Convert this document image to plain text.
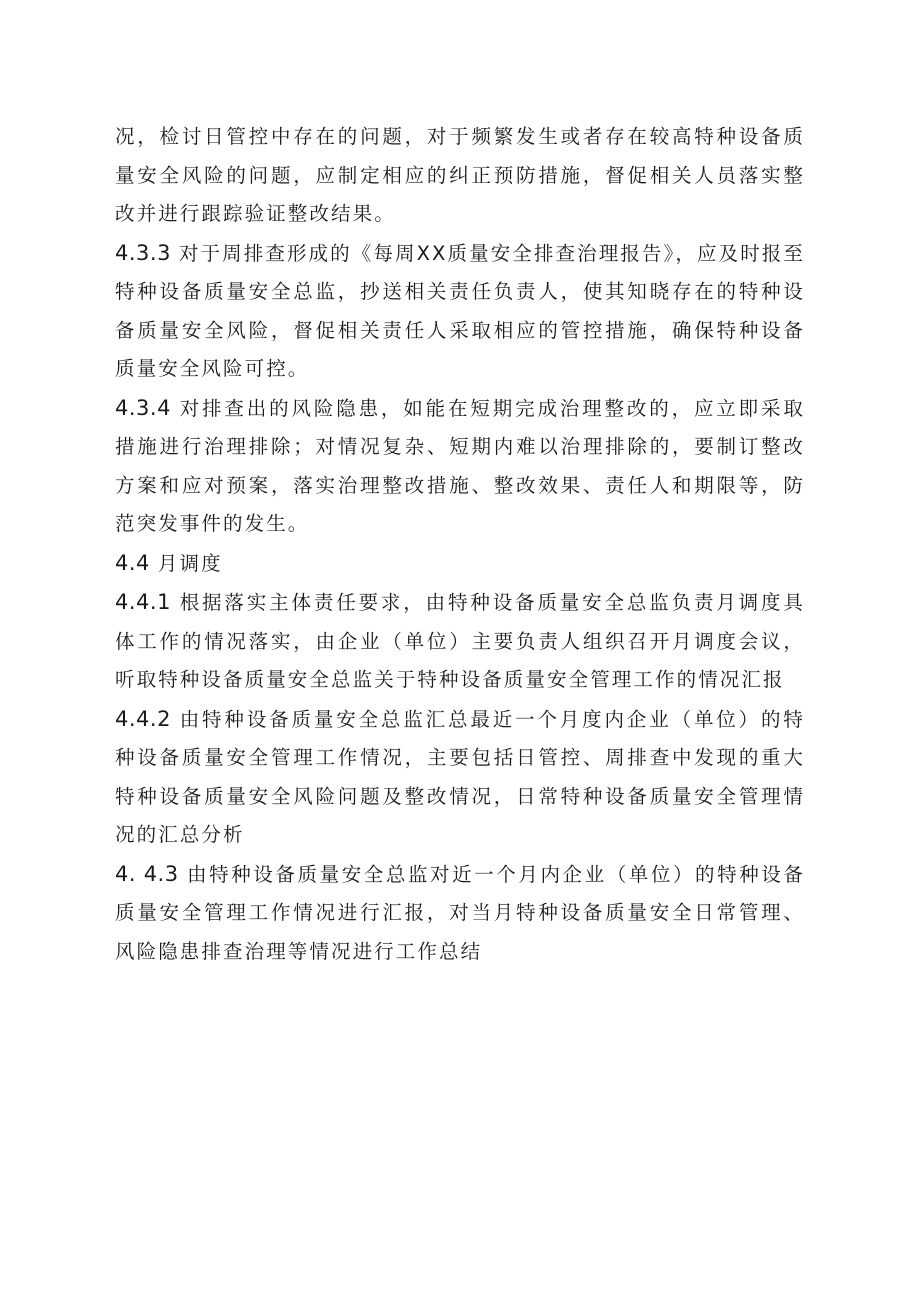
况，检讨日管控中存在的问题，对于频繁发生或者存在较高特种设备质量安全风险的问题，应制定相应的纠正预防措施，督促相关人员落实整改并进行跟踪验证整改结果。

4.3.3 对于周排查形成的《每周XX质量安全排查治理报告》，应及时报至特种设备质量安全总监，抄送相关责任负责人，使其知晓存在的特种设备质量安全风险，督促相关责任人采取相应的管控措施，确保特种设备质量安全风险可控。

4.3.4 对排查出的风险隐患，如能在短期完成治理整改的，应立即采取措施进行治理排除；对情况复杂、短期内难以治理排除的，要制订整改方案和应对预案，落实治理整改措施、整改效果、责任人和期限等，防范突发事件的发生。

4.4 月调度

4.4.1 根据落实主体责任要求，由特种设备质量安全总监负责月调度具体工作的情况落实，由企业（单位）主要负责人组织召开月调度会议，听取特种设备质量安全总监关于特种设备质量安全管理工作的情况汇报

4.4.2 由特种设备质量安全总监汇总最近一个月度内企业（单位）的特种设备质量安全管理工作情况，主要包括日管控、周排查中发现的重大特种设备质量安全风险问题及整改情况，日常特种设备质量安全管理情况的汇总分析

4. 4.3 由特种设备质量安全总监对近一个月内企业（单位）的特种设备质量安全管理工作情况进行汇报，对当月特种设备质量安全日常管理、风险隐患排查治理等情况进行工作总结
